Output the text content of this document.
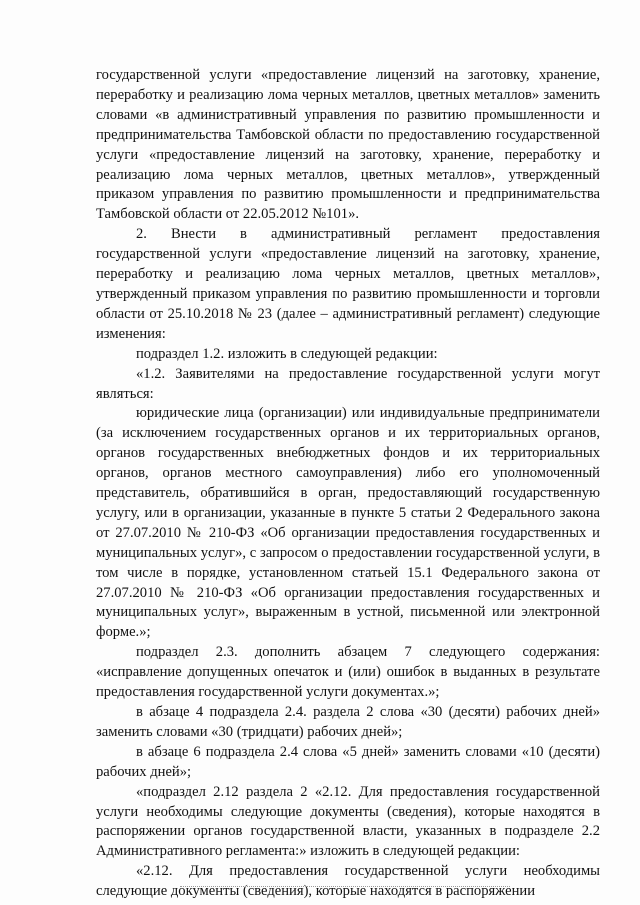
государственной услуги «предоставление лицензий на заготовку, хранение, переработку и реализацию лома черных металлов, цветных металлов» заменить словами «в административный управления по развитию промышленности и предпринимательства Тамбовской области по предоставлению государственной услуги «предоставление лицензий на заготовку, хранение, переработку и реализацию лома черных металлов, цветных металлов», утвержденный приказом управления по развитию промышленности и предпринимательства Тамбовской области от 22.05.2012 №101».

2. Внести в административный регламент предоставления государственной услуги «предоставление лицензий на заготовку, хранение, переработку и реализацию лома черных металлов, цветных металлов», утвержденный приказом управления по развитию промышленности и торговли области от 25.10.2018 № 23 (далее – административный регламент) следующие изменения:

подраздел 1.2. изложить в следующей редакции:

«1.2. Заявителями на предоставление государственной услуги могут являться:

юридические лица (организации) или индивидуальные предприниматели (за исключением государственных органов и их территориальных органов, органов государственных внебюджетных фондов и их территориальных органов, органов местного самоуправления) либо его уполномоченный представитель, обратившийся в орган, предоставляющий государственную услугу, или в организации, указанные в пункте 5 статьи 2 Федерального закона от 27.07.2010 № 210-ФЗ «Об организации предоставления государственных и муниципальных услуг», с запросом о предоставлении государственной услуги, в том числе в порядке, установленном статьей 15.1 Федерального закона от 27.07.2010 № 210-ФЗ «Об организации предоставления государственных и муниципальных услуг», выраженным в устной, письменной или электронной форме.»;

подраздел 2.3. дополнить абзацем 7 следующего содержания: «исправление допущенных опечаток и (или) ошибок в выданных в результате предоставления государственной услуги документах.»;

в абзаце 4 подраздела 2.4. раздела 2 слова «30 (десяти) рабочих дней» заменить словами «30 (тридцати) рабочих дней»;

в абзаце 6 подраздела 2.4 слова «5 дней» заменить словами «10 (десяти) рабочих дней»;

«подраздел 2.12 раздела 2 «2.12. Для предоставления государственной услуги необходимы следующие документы (сведения), которые находятся в распоряжении органов государственной власти, указанных в подразделе 2.2 Административного регламента:» изложить в следующей редакции:

«2.12. Для предоставления государственной услуги необходимы следующие документы (сведения), которые находятся в распоряжении
